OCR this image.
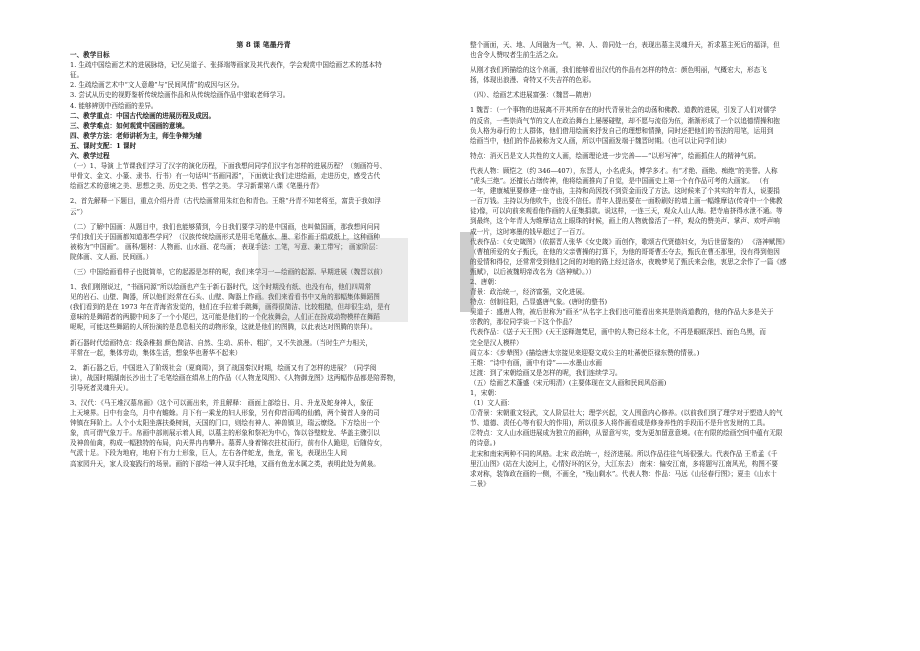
第 8 课 笔墨丹青
一、教学目标
1. 生疏中国绘画艺术的进展脉络，记忆吴道子、张择端等画家及其代表作，学会观赏中国绘画艺术的基本特
征。
2. 生疏绘画艺术中“文人意趣”与“民间风情”的成因与区分。
3. 尝试从历史的视野鉴析传统绘画作品和从传统绘画作品中猎取老师学习。
4. 能够辨别中西绘画的差异。
二、教学重点：中国古代绘画的进展历程及成因。
三、教学难点：如何观赏中国画的意境。
四、教学方法：老师讲析为主，师生争辩为辅
五、课时支配：1 课时
六、教学过程
（一）1、导演 上节课我们学习了汉字的演化历程，下面我想问同学们汉字有怎样的进展历程？（刻画符号、
甲骨文、金文、小篆、隶书、行书）有一句话叫“书画同源”，下面就让我们走进绘画，走进历史，感受古代
绘画艺术的意境之美、思想之美、历史之美、哲学之美。 学习新课第八课《笔墨丹青》
2、首先解释一下题目，重点介绍丹青（古代绘画常用朱红色和青色。王维“丹青不知老将至，富贵于我如浮
云”）
（二）了解中国画：从题目中，我们也能够猜到，今日我们要学习的是中国画，也叫做国画，那我想问问同
学们我们关于国画都知道那些学问？（汉族传统绘画形式是用毛笔蘸水、墨、彩作画于绢或纸上，这种画种
被称为“中国画”。 画科/题材：人物画、山水画、花鸟画； 表现手法：工笔，写意、兼工带写； 画家阶层：
院体画、文人画、民间画。）
（三）中国绘画看样子也挺简单，它的起源是怎样的呢，我们来学习一—绘画的起源、早期进展（魏晋以前）
1、我们刚刚说过，“书画同源”所以绘画也产生于新石器时代，这个时期没有纸、也没有布，他们四周常
见的岩石、山壁、陶器，所以他们经常在石头、山壁、陶器上作画。我们来看看书中又角的那幅集体舞蹈图
(我们看到的是在 1973 年在青海省发觉的，他们在手拉着手跳舞，画得很简洁、比较粗糙，但却很生动，是有
意味的是舞蹈者的两腿中间多了一个小尾巴，这可能是他们的一个化妆舞会，人们正在扮成动物模样在舞蹈
呢呢，可能这些舞蹈的人所扮演的是息息相关的动物形象，这就是他们的图腾，以此表达对图腾的崇拜）。
新石器时代绘画特点：线条稚拙 颜色简洁、自然、生动、质朴、粗扩，又不失浪漫。（当时生产力相关，
平常在一起，集体劳动，集体生活，想象华也奢华不起来）
2、 新石器之后，中国进入了阶级社会（夏商周），到了战国秦汉时期，绘画又有了怎样的进展？（同学阅
读），战国时期湖南长沙出土了毛笔绘画在绢帛上的作品（《人物龙凤图》、《人物御龙图》这两幅作品都是陪葬物，
引导死者灵魂升天）。
3、汉代：《马王堆汉墓帛画》（这个可以画出来，并且解释： 画面上部绘日、月、升龙及蛇身神人，象征
上天境界。日中有金乌，月中有蟾蜍。月下有一乘龙的妇人形象，另有仰首而鸣的仙鹤，两个骑首人身的司
钟镇在拜阶上。人个小太阳坐落扶桑树间，天国的门口，则绘有神人、神兽镇卫，瑞云缭绕。下方绘出一个
象，真可谓气象万千。帛画中部则展示着人间，以墓主的形象和祭祀为中心，饰以谷璧蛟龙、华盖主骤引以
及神兽仙禽，构成一幅独特的布局，向天界冉冉攀升。墓葬人身着锦衣拄杖而行，前有仆人跪迎，后随侍女，
气派十足。下段为地府，地府下有力士形象，巨人，左右各伴蛇龙，鱼龙，雀飞，表现出生人间
高家园升天，家人设宴践行的场景。画的下部绘一神人双手托地，又画有鱼龙水属之类，表明此处为黄泉。
整个画面，天、地、人间融为一气，神、人、兽同处一台，表现出墓主灵魂升天，祈求墓主死后的福泽，但
也含令人赞叹者生前生活之众。
从刚才我们所描绘的这个帛画，我们能够看出汉代的作品有怎样的特点：颜色明丽，气概宏大，形态飞
扬，体现出浪漫、奇特又不失吉祥的色彩。
（四）、绘画艺术进展富强：（魏晋—隋唐）
1 魏晋：（一个事物的进展离不开其所存在的时代背景社会的动荡和佛教、道教的进展，引发了人们对儒学
的反省，一些崇尚气节的文人在政治舞台上屡屡碰壁，却不愿与流俗为伍，渐渐形成了一个以追德情操和抱
负人格为尋行的士人群体，他们借用绘画来抒发自己的理想和情操，同时还把他们的书法的用笔，运用到
绘画当中，他们的作品被称为文人画，所以中国画发端于魏晋时期。（也可以让同学们读）
特点：消灭吕是文人共性的文人画，绘画理论进一步完善——“以形写神”，绘画抓住人的精神气质。
代表人物：顾恺之（约 346—407），东晋人，小名虎头，博学多才。有“才绝、画绝、痴绝”的美誉。人称
“虎头三绝”。还擅长占缮传神，他将绘画推向了自觉，是中国画史上第一个有作品可考的大画家。 （有
一年，建康城里要修建一座寺庙，主持和尚因找不到资金而没了方法。这时候来了个其实的年青人，说要捐
一百万钱。主持以为他吹牛，也没不信任。青年人提出要在一面粉刷好的墙上画一幅维摩诘(传奇中一个佛教
徒)像，可以向前来观看他作画的人征集捐款。说这样，一连三天，观众人山人海。把寺庙挤得水泄不通。等
到最终，这个年青人为维摩诘点上眼珠的时候，画上的人物就像活了一样，观众的赞美声、掌声、欢呼声响
成一片，这时寒墨的钱早超过了一百万。
代表作品：《女史箴图》（依据晋人张华《女史箴》而创作，歌颂古代贤德妇女，为后世留鉴的） 《洛神赋图》
（曹植所爱的女子甄氏，在他的父亲曹操的打算下，为他的哥哥曹丕夺去，甄氏在曹丕那里，没有得到他因
的爱情和得位，还常常受到他们之间的对地的路上经过洛水，夜晚梦见了甄氏来会他，衷思之余作了一篇《感
甄赋》，以后被魏明帝改名为《洛神赋》。））
2、唐朝：
背景：政治统一，经济富强，文化进展。
特点：创制往阳，凸显盛唐气象。(唐时的整书)
吴道子：盛唐人物，被后世称为“画圣”从名字上我们也可能看出来其是崇尚道教的，他的作品大多是关于
宗教的，那位同学谈一下这个作品？
代表作品：《送子天王图》(天王送释迦梵尼，画中的人物已经本土化，不再是眼眶深凹、面色乌黑，而
完全是汉人模样）
阎立本：《步辇图》(描绘唐太宗接见来迎娶文成公主的吐蕃使臣禄东赞的情景。)
王维：“诗中有画，画中有诗”——水墨山水画
过渡：到了宋朝绘画又是怎样的呢，我们连续学习。
（五）绘画艺术蓬盛（宋元明清）(主要体现在文人画和民间风俗画)
1，宋朝：
（1）文人画：
①背景：宋朝重文轻武，文人阶层壮大；理学兴起，文人围意内心修养。(以前我们到了理学对于塑造人的气
节、道德、责任心等有很大的作用)，所以很多人将作画看成是修身养性的手段而不是升官发财的工具。
②特点：文人山水画进展成为独立的画种，从留意写实，变为更加留意意境。(在有限的绘画空间中蕴有无限
的诗意。)
北宋和南宋两种不同的风格。北宋 政治统一，经济进展。所以作品往往气场很强大。代表作品 王希孟《千
里江山图》(站在大凌河上，心情好坏的区分，大江东去） 南宋：偏安江南，多将题写江南风光，构图不要
求对称，装饰政在画的一侧，不画全，“残山剩水”。代表人物：作品：马远《山径春行图》；夏圭《山水十
二景》
